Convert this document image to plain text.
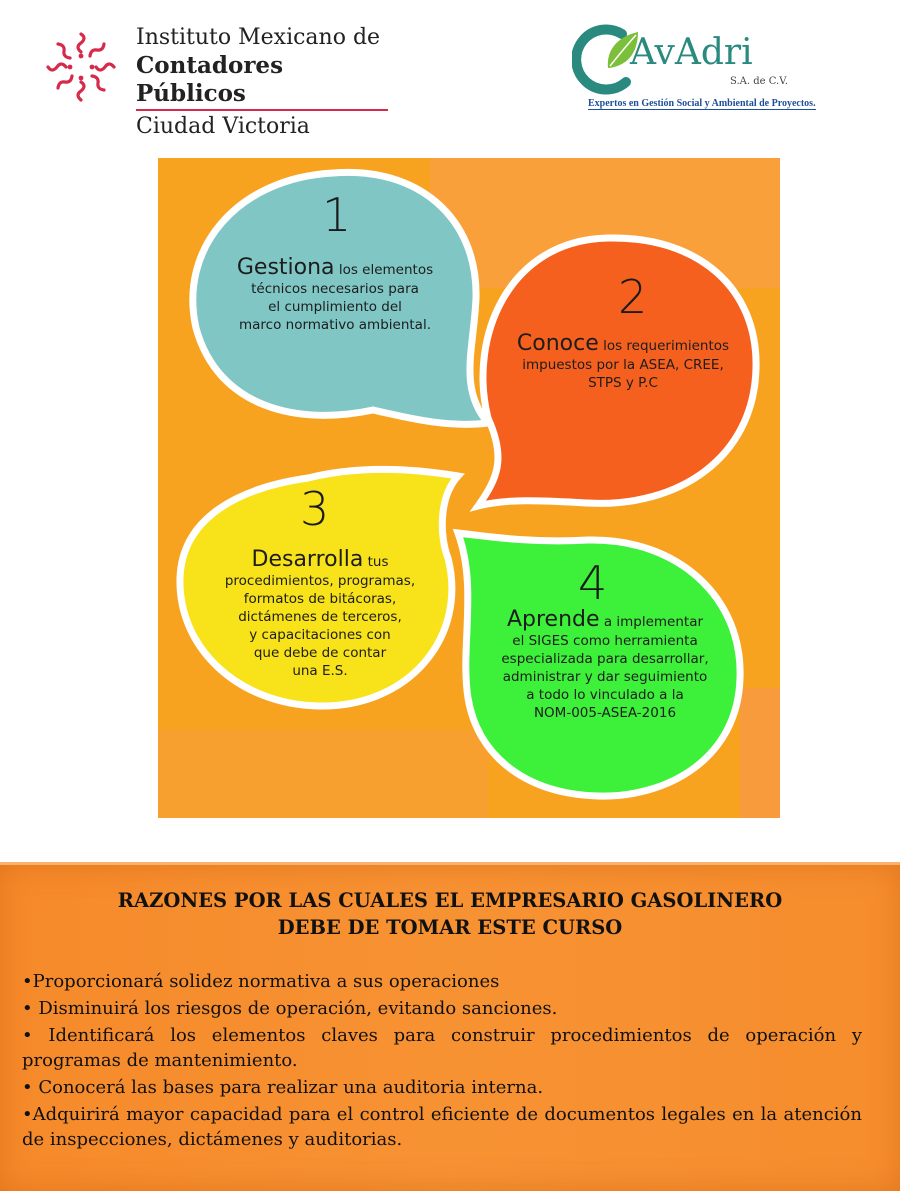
Instituto Mexicano de
Contadores Públicos
Ciudad Victoria
AvAdri
S.A. de C.V.
Expertos en Gestión Social y Ambiental de Proyectos.
1
Gestiona los elementos
técnicos necesarios para
el cumplimiento del
marco normativo ambiental.
2
Conoce los requerimientos
impuestos por la ASEA, CREE,
STPS y P.C
3
Desarrolla tus
procedimientos, programas,
formatos de bitácoras,
dictámenes de terceros,
y capacitaciones con
que debe de contar
una E.S.
4
Aprende a implementar
el SIGES como herramienta
especializada para desarrollar,
administrar y dar seguimiento
a todo lo vinculado a la
NOM-005-ASEA-2016
RAZONES POR LAS CUALES EL EMPRESARIO GASOLINERO
DEBE DE TOMAR ESTE CURSO
•Proporcionará solidez normativa a sus operaciones
• Disminuirá los riesgos de operación, evitando sanciones.
• Identificará los elementos claves para construir procedimientos de operación y programas de mantenimiento.
• Conocerá las bases para realizar una auditoria interna.
•Adquirirá mayor capacidad para el control eficiente de documentos legales en la atención de inspecciones, dictámenes y auditorias.
